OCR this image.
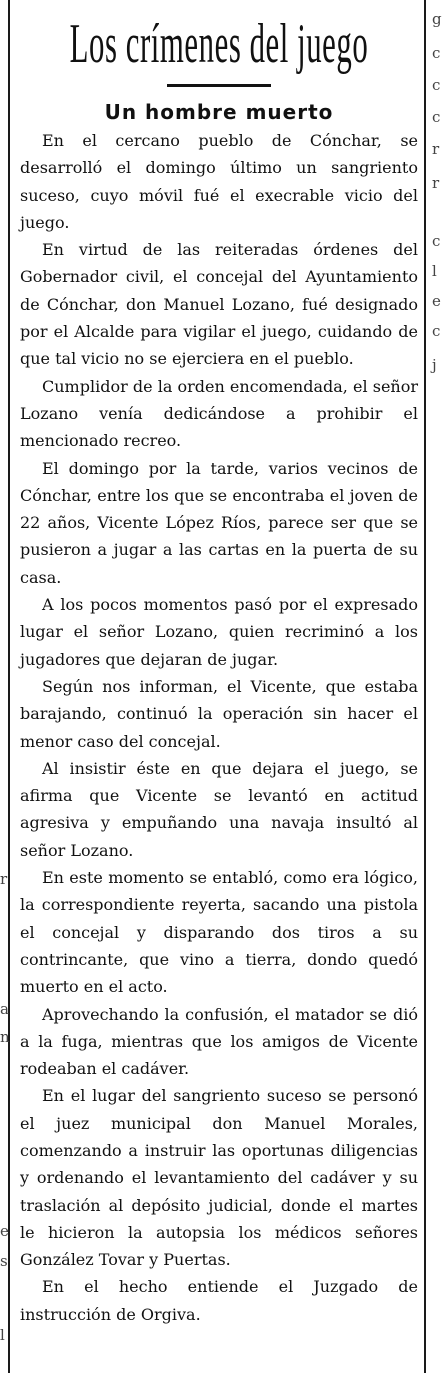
g
c
c
c
r
r
c
l
e
c
j
r
a
n
e
s
l
Los crímenes del juego
Un hombre muerto

En el cercano pueblo de Cónchar, se desarrolló el domingo último un sangriento suceso, cuyo móvil fué el execrable vicio del juego.

En virtud de las reiteradas órdenes del Gobernador civil, el concejal del Ayuntamiento de Cónchar, don Manuel Lozano, fué designado por el Alcalde para vigilar el juego, cuidando de que tal vicio no se ejerciera en el pueblo.

Cumplidor de la orden encomendada, el señor Lozano venía dedicándose a prohibir el mencionado recreo.

El domingo por la tarde, varios vecinos de Cónchar, entre los que se encontraba el joven de 22 años, Vicente López Ríos, parece ser que se pusieron a jugar a las cartas en la puerta de su casa.

A los pocos momentos pasó por el expresado lugar el señor Lozano, quien recriminó a los jugadores que dejaran de jugar.

Según nos informan, el Vicente, que estaba barajando, continuó la operación sin hacer el menor caso del concejal.

Al insistir éste en que dejara el juego, se afirma que Vicente se levantó en actitud agresiva y empuñando una navaja insultó al señor Lozano.

En este momento se entabló, como era lógico, la correspondiente reyerta, sacando una pistola el concejal y disparando dos tiros a su contrincante, que vino a tierra, dondo quedó muerto en el acto.

Aprovechando la confusión, el matador se dió a la fuga, mientras que los amigos de Vicente rodeaban el cadáver.

En el lugar del sangriento suceso se personó el juez municipal don Manuel Morales, comenzando a instruir las oportunas diligencias y ordenando el levantamiento del cadáver y su traslación al depósito judicial, donde el martes le hicieron la autopsia los médicos señores González Tovar y Puertas.

En el hecho entiende el Juzgado de instrucción de Orgiva.
